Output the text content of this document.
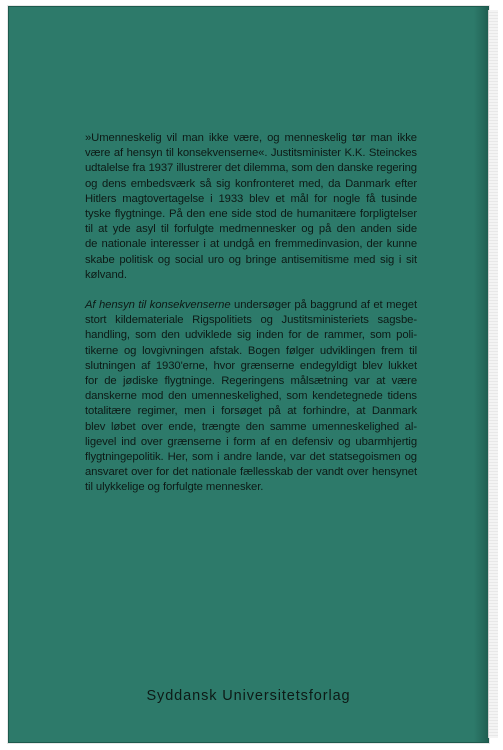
»Umenneskelig vil man ikke være, og menneskelig tør man ikke
være af hensyn til konsekvenserne«. Justitsminister K.K. Steinckes
udtalelse fra 1937 illustrerer det dilemma, som den danske regering
og dens embedsværk så sig konfronteret med, da Danmark efter
Hitlers magtovertagelse i 1933 blev et mål for nogle få tusinde
tyske flygtninge. På den ene side stod de humanitære forpligtelser
til at yde asyl til forfulgte medmennesker og på den anden side
de nationale interesser i at undgå en fremmedinvasion, der kunne
skabe politisk og social uro og bringe antisemitisme med sig i sit
kølvand.

Af hensyn til konsekvenserne undersøger på baggrund af et meget
stort kildemateriale Rigspolitiets og Justitsministeriets sagsbe-
handling, som den udviklede sig inden for de rammer, som poli-
tikerne og lovgivningen afstak. Bogen følger udviklingen frem til
slutningen af 1930'erne, hvor grænserne endegyldigt blev lukket
for de jødiske flygtninge. Regeringens målsætning var at være
danskerne mod den umenneskelighed, som kendetegnede tidens
totalitære regimer, men i forsøget på at forhindre, at Danmark
blev løbet over ende, trængte den samme umenneskelighed al-
ligevel ind over grænserne i form af en defensiv og ubarmhjertig
flygtningepolitik. Her, som i andre lande, var det statsegoismen og
ansvaret over for det nationale fællesskab der vandt over hensynet
til ulykkelige og forfulgte mennesker.

Syddansk Universitetsforlag
